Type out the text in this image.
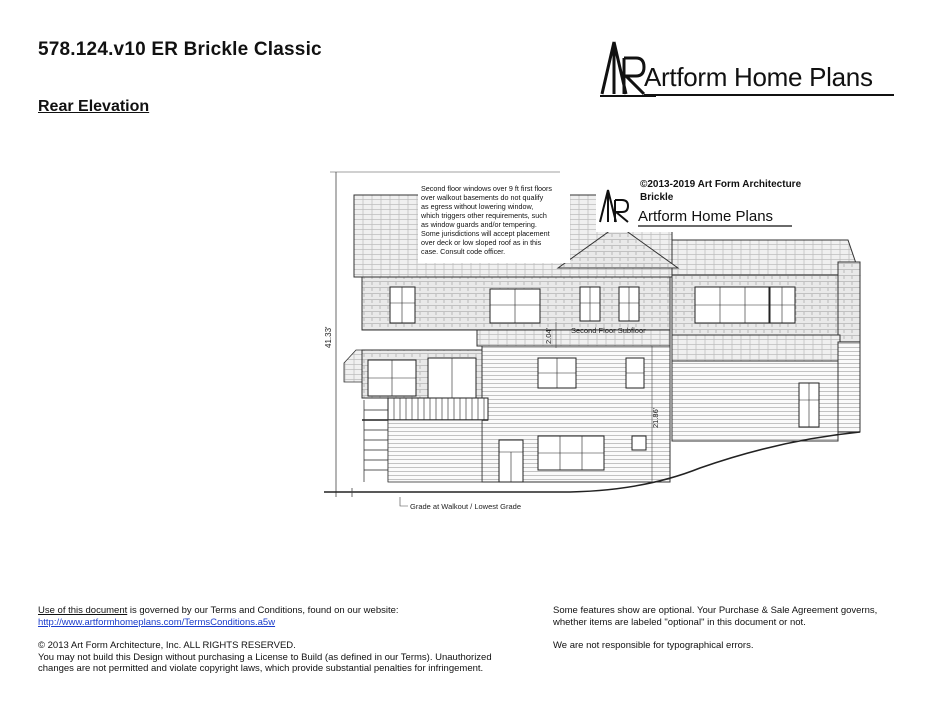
578.124.v10 ER Brickle Classic
Rear Elevation
Artform Home Plans
41.33'	2.04' Second Floor Subfloor
21.86'
Grade at Walkout / Lowest Grade
Second floor windows over 9 ft first floors over walkout basements do not qualify as egress without lowering window, which triggers other requirements, such as window guards and/or tempering. Some jurisdictions will accept placement over deck or low sloped roof as in this case. Consult code officer.
©2013-2019 Art Form Architecture
Brickle
Artform Home Plans
Use of this document is governed by our Terms and Conditions, found on our website:
http://www.artformhomeplans.com/TermsConditions.a5w
© 2013 Art Form Architecture, Inc. ALL RIGHTS RESERVED.
You may not build this Design without purchasing a License to Build (as defined in our Terms). Unauthorized
changes are not permitted and violate copyright laws, which provide substantial penalties for infringement.
Some features show are optional. Your Purchase & Sale Agreement governs,
whether items are labeled "optional" in this document or not.
We are not responsible for typographical errors.
